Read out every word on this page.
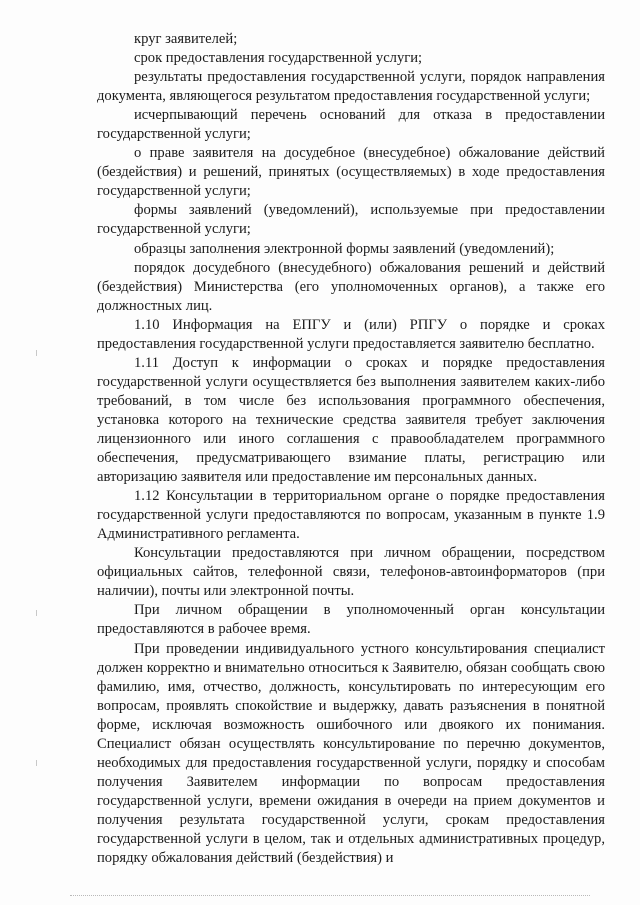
круг заявителей;

срок предоставления государственной услуги;

результаты предоставления государственной услуги, порядок направления документа, являющегося результатом предоставления государственной услуги;

исчерпывающий перечень оснований для отказа в предоставлении государственной услуги;

о праве заявителя на досудебное (внесудебное) обжалование действий (бездействия) и решений, принятых (осуществляемых) в ходе предоставления государственной услуги;

формы заявлений (уведомлений), используемые при предоставлении государственной услуги;

образцы заполнения электронной формы заявлений (уведомлений);

порядок досудебного (внесудебного) обжалования решений и действий (бездействия) Министерства (его уполномоченных органов), а также его должностных лиц.

1.10 Информация на ЕПГУ и (или) РПГУ о порядке и сроках предоставления государственной услуги предоставляется заявителю бесплатно.

1.11 Доступ к информации о сроках и порядке предоставления государственной услуги осуществляется без выполнения заявителем каких-либо требований, в том числе без использования программного обеспечения, установка которого на технические средства заявителя требует заключения лицензионного или иного соглашения с правообладателем программного обеспечения, предусматривающего взимание платы, регистрацию или авторизацию заявителя или предоставление им персональных данных.

1.12 Консультации в территориальном органе о порядке предоставления государственной услуги предоставляются по вопросам, указанным в пункте 1.9 Административного регламента.

Консультации предоставляются при личном обращении, посредством официальных сайтов, телефонной связи, телефонов-автоинформаторов (при наличии), почты или электронной почты.

При личном обращении в уполномоченный орган консультации предоставляются в рабочее время.

При проведении индивидуального устного консультирования специалист должен корректно и внимательно относиться к Заявителю, обязан сообщать свою фамилию, имя, отчество, должность, консультировать по интересующим его вопросам, проявлять спокойствие и выдержку, давать разъяснения в понятной форме, исключая возможность ошибочного или двоякого их понимания. Специалист обязан осуществлять консультирование по перечню документов, необходимых для предоставления государственной услуги, порядку и способам получения Заявителем информации по вопросам предоставления государственной услуги, времени ожидания в очереди на прием документов и получения результата государственной услуги, срокам предоставления государственной услуги в целом, так и отдельных административных процедур, порядку обжалования действий (бездействия) и
